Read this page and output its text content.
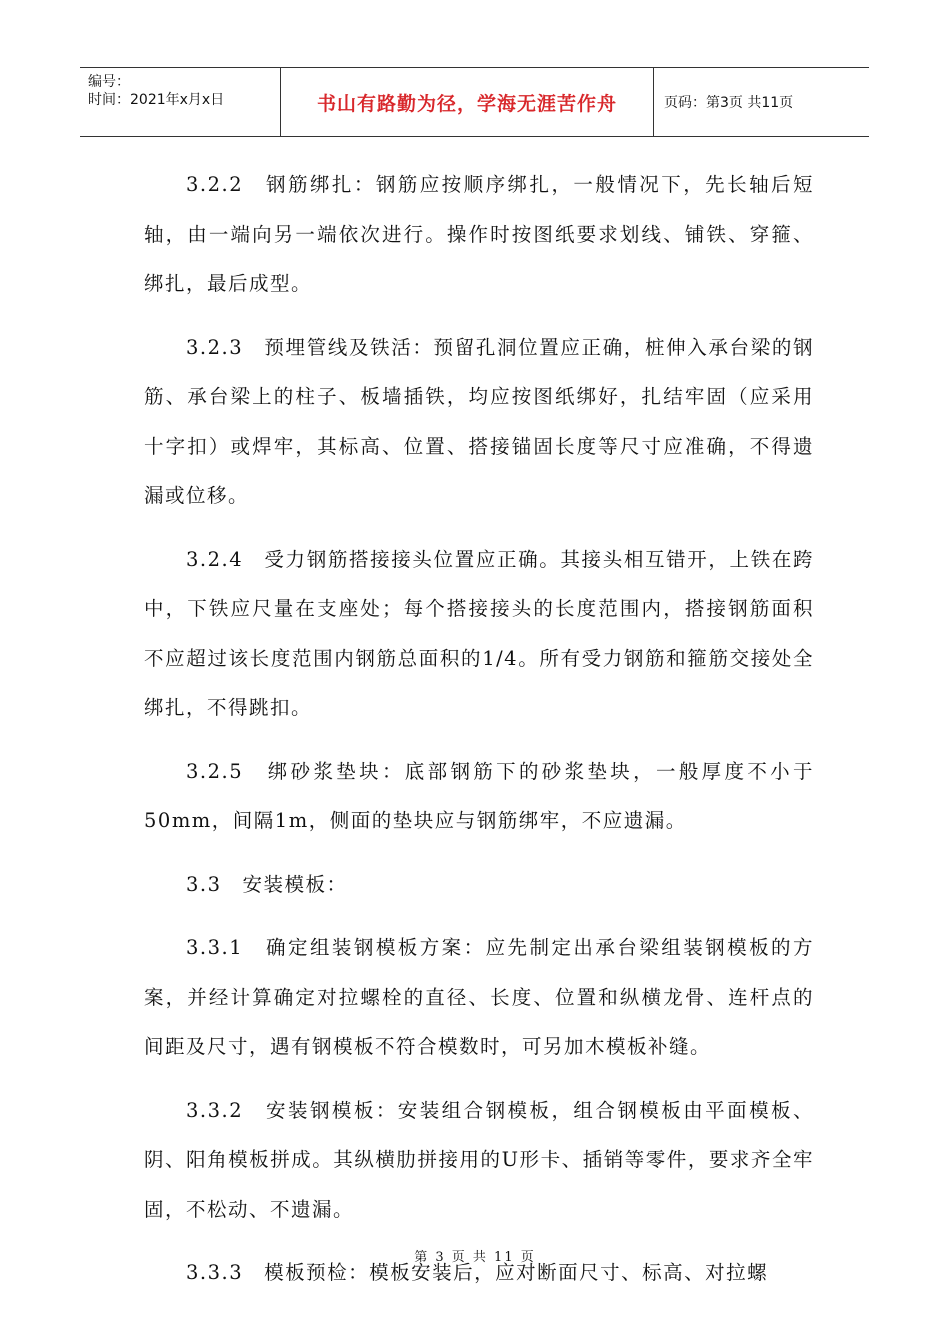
编号：
时间：2021年x月x日	书山有路勤为径，学海无涯苦作舟	页码：第3页 共11页

3.2.2　钢筋绑扎：钢筋应按顺序绑扎，一般情况下，先长轴后短轴，由一端向另一端依次进行。操作时按图纸要求划线、铺铁、穿箍、绑扎，最后成型。

3.2.3　预埋管线及铁活：预留孔洞位置应正确，桩伸入承台梁的钢筋、承台梁上的柱子、板墙插铁，均应按图纸绑好，扎结牢固（应采用十字扣）或焊牢，其标高、位置、搭接锚固长度等尺寸应准确，不得遗漏或位移。

3.2.4　受力钢筋搭接接头位置应正确。其接头相互错开，上铁在跨中，下铁应尺量在支座处；每个搭接接头的长度范围内，搭接钢筋面积不应超过该长度范围内钢筋总面积的1/4。所有受力钢筋和箍筋交接处全绑扎，不得跳扣。

3.2.5　绑砂浆垫块：底部钢筋下的砂浆垫块，一般厚度不小于50mm，间隔1m，侧面的垫块应与钢筋绑牢，不应遗漏。

3.3　安装模板：

3.3.1　确定组装钢模板方案：应先制定出承台梁组装钢模板的方案，并经计算确定对拉螺栓的直径、长度、位置和纵横龙骨、连杆点的间距及尺寸，遇有钢模板不符合模数时，可另加木模板补缝。

3.3.2　安装钢模板：安装组合钢模板，组合钢模板由平面模板、阴、阳角模板拼成。其纵横肋拼接用的U形卡、插销等零件，要求齐全牢固，不松动、不遗漏。

3.3.3　模板预检：模板安装后，应对断面尺寸、标高、对拉螺

第 3 页 共 11 页
